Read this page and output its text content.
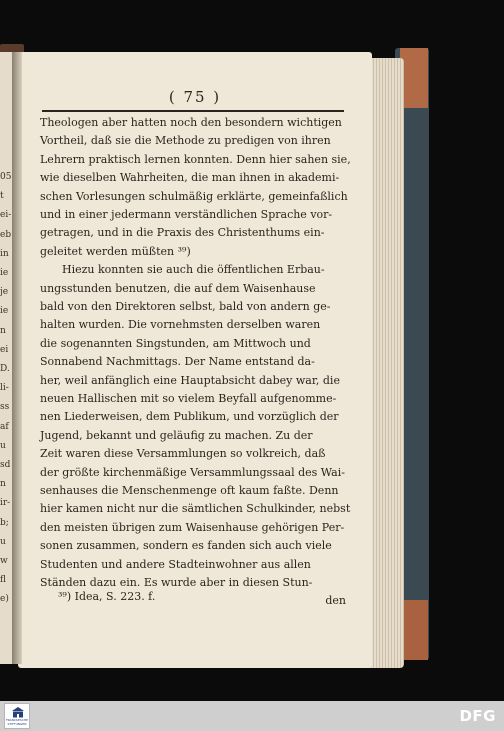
05
t
ei-
eb
in
ie
je
ie
n
ei
D.
li-
ss
af
u
sd
n
ir-
b;
u
w
fl
e)
( 75 )
Theologen aber hatten noch den besondern wichtigen
Vortheil, daß sie die Methode zu predigen von ihren
Lehrern praktisch lernen konnten. Denn hier sahen sie,
wie dieselben Wahrheiten, die man ihnen in akademi-
schen Vorlesungen schulmäßig erklärte, gemeinfaßlich
und in einer jedermann verständlichen Sprache vor-
getragen, und in die Praxis des Christenthums ein-
geleitet werden müßten ³⁹)
Hiezu konnten sie auch die öffentlichen Erbau-
ungsstunden benutzen, die auf dem Waisenhause
bald von den Direktoren selbst, bald von andern ge-
halten wurden. Die vornehmsten derselben waren
die sogenannten Singstunden, am Mittwoch und
Sonnabend Nachmittags. Der Name entstand da-
her, weil anfänglich eine Hauptabsicht dabey war, die
neuen Hallischen mit so vielem Beyfall aufgenomme-
nen Liederweisen, dem Publikum, und vorzüglich der
Jugend, bekannt und geläufig zu machen. Zu der
Zeit waren diese Versammlungen so volkreich, daß
der größte kirchenmäßige Versammlungssaal des Wai-
senhauses die Menschenmenge oft kaum faßte. Denn
hier kamen nicht nur die sämtlichen Schulkinder, nebst
den meisten übrigen zum Waisenhause gehörigen Per-
sonen zusammen, sondern es fanden sich auch viele
Studenten und andere Stadteinwohner aus allen
Ständen dazu ein. Es wurde aber in diesen Stun-
den
³⁹) Idea, S. 223. f.
FRANCKESCHE
STIFTUNGEN	DFG
